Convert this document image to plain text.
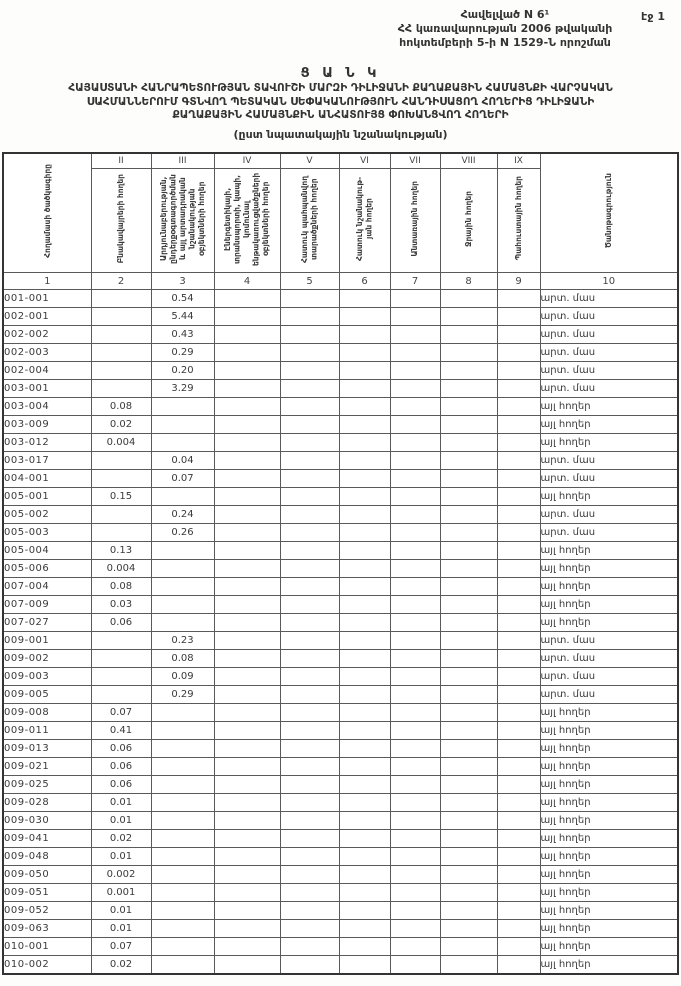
էջ 1
Հավելված N 6¹
ՀՀ կառավարության 2006 թվականի
հոկտեմբերի 5-ի N 1529-Ն որոշման
Ց Ա Ն Կ
ՀԱՅԱՍՏԱՆԻ ՀԱՆՐԱՊԵՏՈՒԹՅԱՆ ՏԱՎՈՒՇԻ ՄԱՐԶԻ ԴԻԼԻՋԱՆԻ ՔԱՂԱՔԱՅԻՆ ՀԱՄԱՅՆՔԻ ՎԱՐՉԱԿԱՆ
ՍԱՀՄԱՆՆԵՐՈՒՄ ԳՏՆՎՈՂ ՊԵՏԱԿԱՆ ՍԵՓԱԿԱՆՈՒԹՅՈՒՆ ՀԱՆԴԻՍԱՑՈՂ ՀՈՂԵՐԻՑ ԴԻԼԻՋԱՆԻ
ՔԱՂԱՔԱՅԻՆ ՀԱՄԱՅՆՔԻՆ ԱՆՀԱՏՈՒՅՑ ՓՈԽԱՆՑՎՈՂ ՀՈՂԵՐԻ
(ըստ նպատակային նշանակության)
Հողամասի ծածկագիրը	II	III	IV	V	VI	VII	VIII	IX	Ծանոթագրություն
	Բնակավայրերի հողեր	Արդյունաբերության, ընդերքօգտագործման և այլ արտադրական նշանակության օբյեկտների հողեր	Էներգետիկայի, տրանսպորտի, կապի, կոմունալ ենթակառուցվածքների օբյեկտների հողեր	Հատուկ պահպանվող տարածքների հողեր	Հատուկ նշանակութ- յան հողեր	Անտառային հողեր	Ջրային հողեր	Պահուստային հողեր	
1	2	3	4	5	6	7	8	9	10
001-001		0.54							արտ. մաս
002-001		5.44							արտ. մաս
002-002		0.43							արտ. մաս
002-003		0.29							արտ. մաս
002-004		0.20							արտ. մաս
003-001		3.29							արտ. մաս
003-004	0.08								այլ հողեր
003-009	0.02								այլ հողեր
003-012	0.004								այլ հողեր
003-017		0.04							արտ. մաս
004-001		0.07							արտ. մաս
005-001	0.15								այլ հողեր
005-002		0.24							արտ. մաս
005-003		0.26							արտ. մաս
005-004	0.13								այլ հողեր
005-006	0.004								այլ հողեր
007-004	0.08								այլ հողեր
007-009	0.03								այլ հողեր
007-027	0.06								այլ հողեր
009-001		0.23							արտ. մաս
009-002		0.08							արտ. մաս
009-003		0.09							արտ. մաս
009-005		0.29							արտ. մաս
009-008	0.07								այլ հողեր
009-011	0.41								այլ հողեր
009-013	0.06								այլ հողեր
009-021	0.06								այլ հողեր
009-025	0.06								այլ հողեր
009-028	0.01								այլ հողեր
009-030	0.01								այլ հողեր
009-041	0.02								այլ հողեր
009-048	0.01								այլ հողեր
009-050	0.002								այլ հողեր
009-051	0.001								այլ հողեր
009-052	0.01								այլ հողեր
009-063	0.01								այլ հողեր
010-001	0.07								այլ հողեր
010-002	0.02								այլ հողեր
